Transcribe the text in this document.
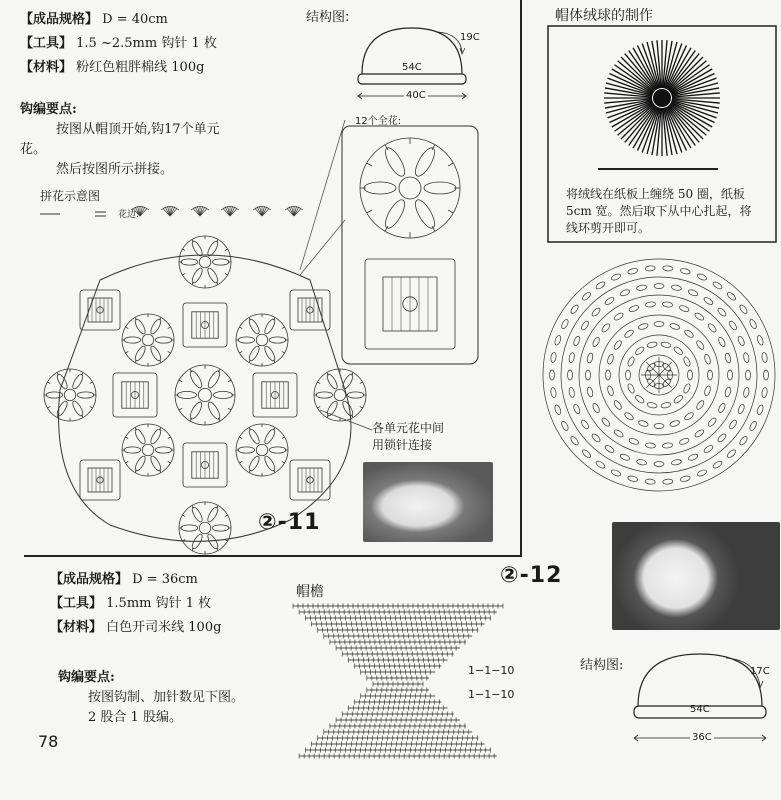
【成品规格】 D = 40cm
【工具】 1.5 ~2.5mm 钩针 1 枚
【材料】 粉红色粗胖棉线 100g
钩编要点:
按图从帽顶开始,钩17个单元
花。
然后按图所示拼接。
拼花示意图
花边:
结构图:
19C
54C
40C
12个全花:
各单元花中间
用锁针连接
②-11
帽体绒球的制作
将绒线在纸板上缠绕 50 圈，纸板
5cm 宽。然后取下从中心扎起，将
线环剪开即可。
②-12
【成品规格】 D = 36cm
【工具】 1.5mm 钩针 1 枚
【材料】 白色开司米线 100g
钩编要点:
按图钩制、加针数见下图。
2 股合 1 股编。
78
帽檐
1−1−10
1−1−10
结构图:	17C
54C
36C
